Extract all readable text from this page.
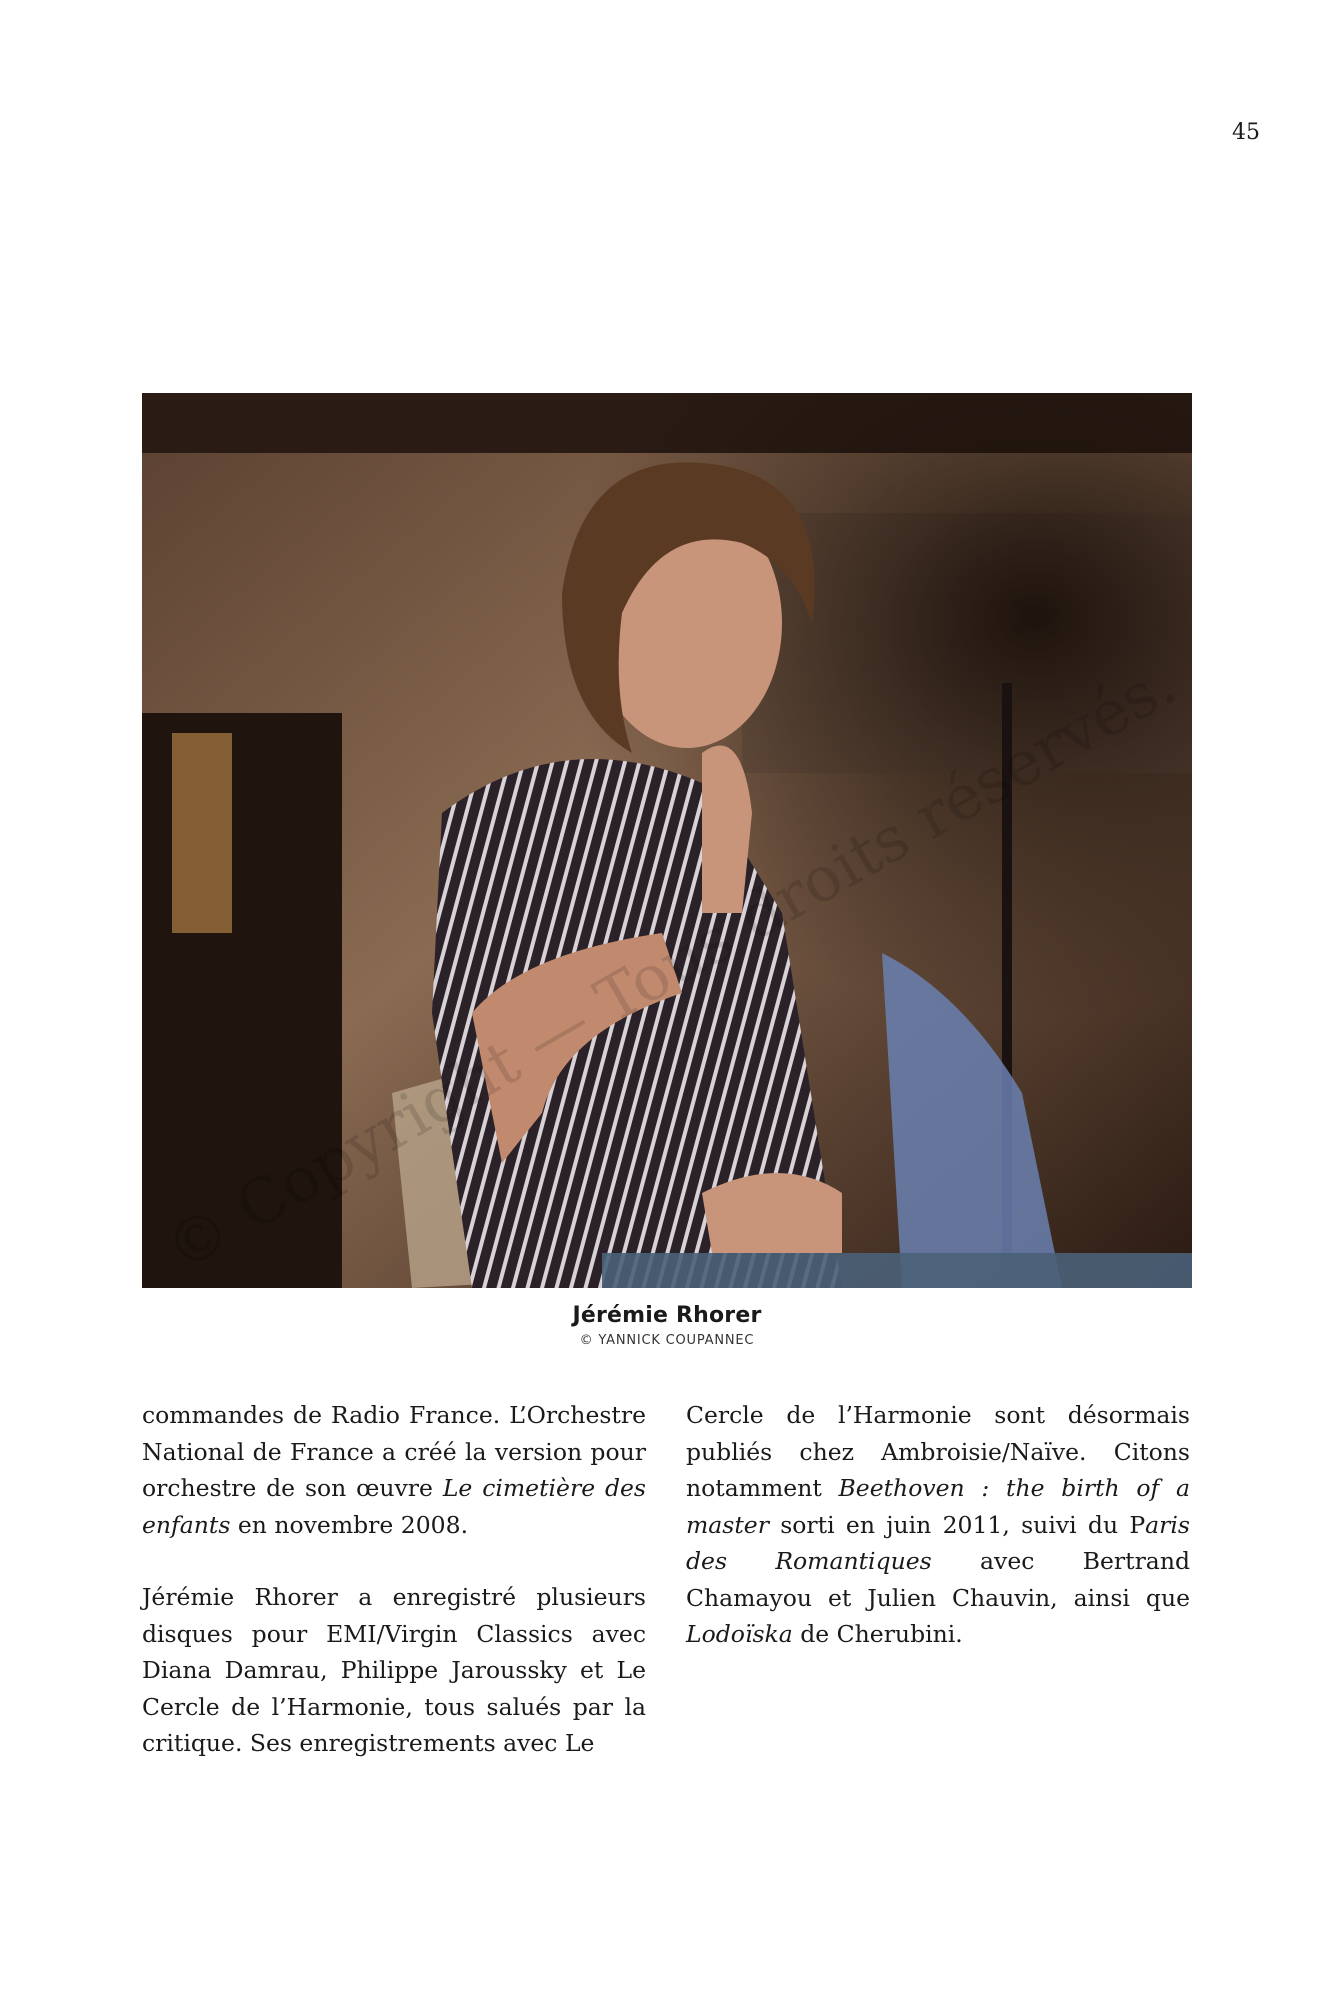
45
Jérémie Rhorer
© YANNICK COUPANNEC

commandes de Radio France. L’Orchestre National de France a créé la version pour orchestre de son œuvre Le cimetière des enfants en novembre 2008.

Jérémie Rhorer a enregistré plusieurs disques pour EMI/Virgin Classics avec Diana Damrau, Philippe Jaroussky et Le Cercle de l’Harmonie, tous salués par la critique. Ses enregistrements avec Le

Cercle de l’Harmonie sont désormais publiés chez Ambroisie/Naïve. Citons notamment Beethoven : the birth of a master sorti en juin 2011, suivi du Paris des Romantiques avec Bertrand Chamayou et Julien Chauvin, ainsi que Lodoïska de Cherubini.
